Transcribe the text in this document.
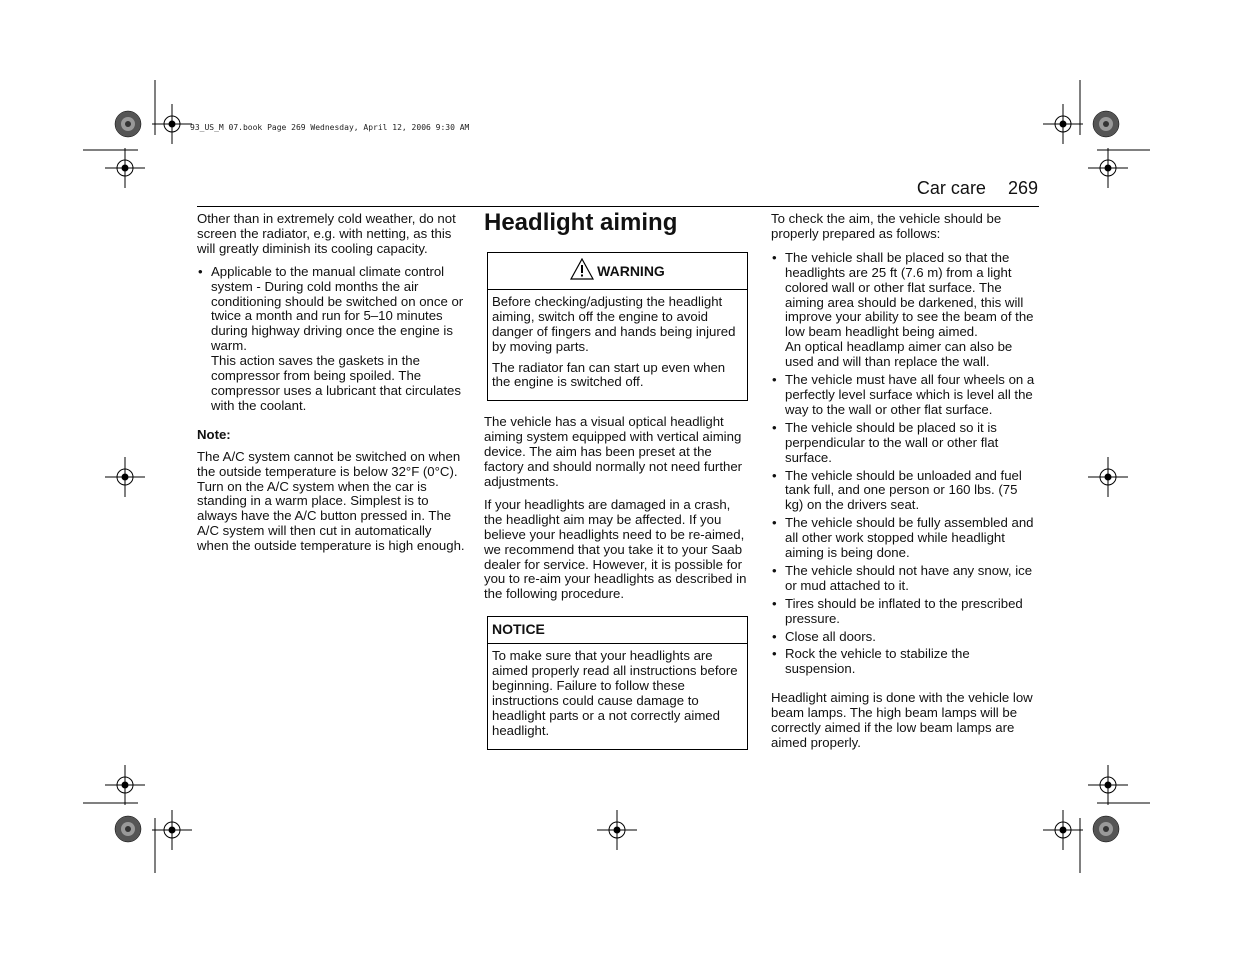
93_US_M 07.book Page 269 Wednesday, April 12, 2006 9:30 AM
Car care 269

Other than in extremely cold weather, do not screen the radiator, e.g. with netting, as this will greatly diminish its cooling capacity.

• Applicable to the manual climate control system - During cold months the air conditioning should be switched on once or twice a month and run for 5–10 minutes during highway driving once the engine is warm.
This action saves the gaskets in the compressor from being spoiled. The compressor uses a lubricant that circulates with the coolant.

Note:

The A/C system cannot be switched on when the outside temperature is below 32°F (0°C). Turn on the A/C system when the car is standing in a warm place. Simplest is to always have the A/C button pressed in. The A/C system will then cut in automatically when the outside temperature is high enough.

Headlight aiming

WARNING

Before checking/adjusting the headlight aiming, switch off the engine to avoid danger of fingers and hands being injured by moving parts.

The radiator fan can start up even when the engine is switched off.

The vehicle has a visual optical headlight aiming system equipped with vertical aiming device. The aim has been preset at the factory and should normally not need further adjustments.

If your headlights are damaged in a crash, the headlight aim may be affected. If you believe your headlights need to be re-aimed, we recommend that you take it to your Saab dealer for service. However, it is possible for you to re-aim your headlights as described in the following procedure.

NOTICE

To make sure that your headlights are aimed properly read all instructions before beginning. Failure to follow these instructions could cause damage to headlight parts or a not correctly aimed headlight.

To check the aim, the vehicle should be properly prepared as follows:

• The vehicle shall be placed so that the headlights are 25 ft (7.6 m) from a light colored wall or other flat surface. The aiming area should be darkened, this will improve your ability to see the beam of the low beam headlight being aimed.
An optical headlamp aimer can also be used and will than replace the wall.
• The vehicle must have all four wheels on a perfectly level surface which is level all the way to the wall or other flat surface.
• The vehicle should be placed so it is perpendicular to the wall or other flat surface.
• The vehicle should be unloaded and fuel tank full, and one person or 160 lbs. (75 kg) on the drivers seat.
• The vehicle should be fully assembled and all other work stopped while headlight aiming is being done.
• The vehicle should not have any snow, ice or mud attached to it.
• Tires should be inflated to the prescribed pressure.
• Close all doors.
• Rock the vehicle to stabilize the suspension.

Headlight aiming is done with the vehicle low beam lamps. The high beam lamps will be correctly aimed if the low beam lamps are aimed properly.
